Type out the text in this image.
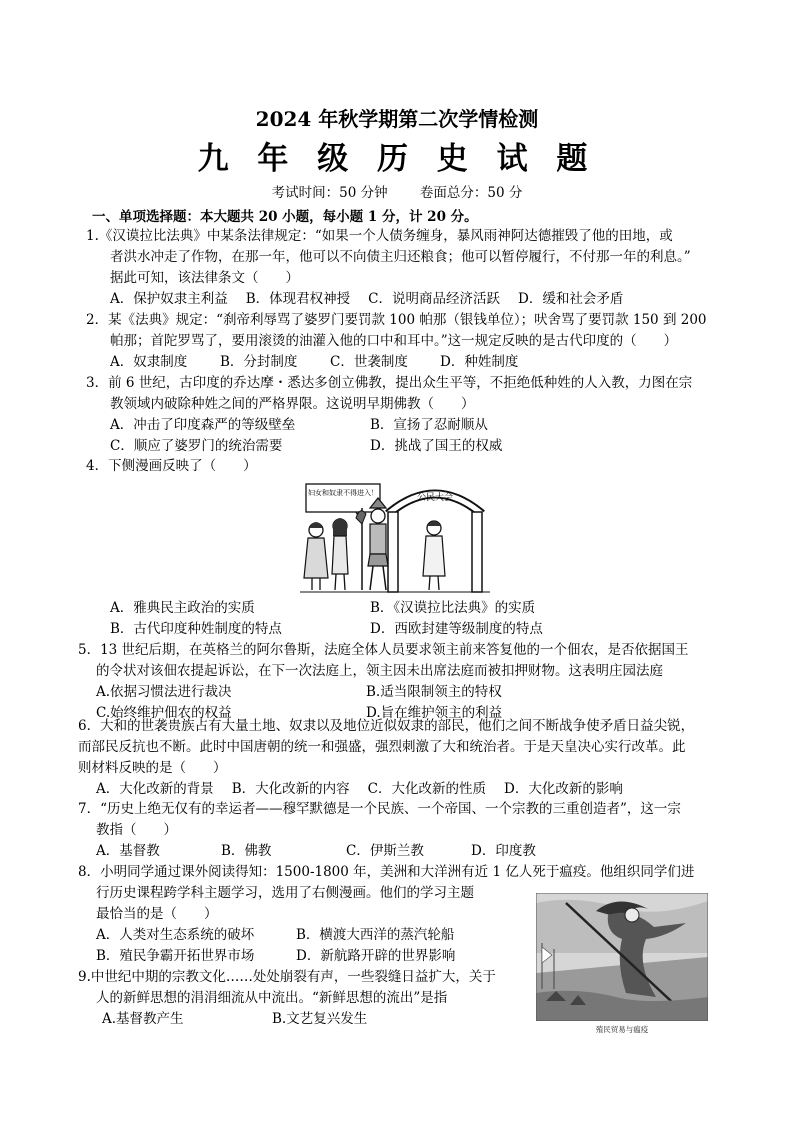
2024 年秋学期第二次学情检测
九 年 级 历 史 试 题
考试时间：50 分钟 卷面总分：50 分
一、单项选择题：本大题共 20 小题，每小题 1 分，计 20 分。

1.《汉谟拉比法典》中某条法律规定：“如果一个人债务缠身，暴风雨神阿达德摧毁了他的田地，或

者洪水冲走了作物，在那一年，他可以不向债主归还粮食；他可以暂停履行，不付那一年的利息。”

据此可知，该法律条文（　　）

A．保护奴隶主利益 B．体现君权神授 C．说明商品经济活跃 D．缓和社会矛盾

2．某《法典》规定：“刹帝利辱骂了婆罗门要罚款 100 帕那（银钱单位）；吠舍骂了要罚款 150 到 200

帕那；首陀罗骂了，要用滚烫的油灌入他的口中和耳中。”这一规定反映的是古代印度的（　　）

A．奴隶制度	B．分封制度	C．世袭制度	D．种姓制度

3．前 6 世纪，古印度的乔达摩・悉达多创立佛教，提出众生平等，不拒绝低种姓的人入教，力图在宗

教领域内破除种姓之间的严格界限。这说明早期佛教（　　）

A．冲击了印度森严的等级壁垒	B．宣扬了忍耐顺从
C．顺应了婆罗门的统治需要	D．挑战了国王的权威

4．下侧漫画反映了（　　）

公民大会
妇女和奴隶不得进入！
A．雅典民主政治的实质	B．《汉谟拉比法典》的实质
B．古代印度种姓制度的特点	D．西欧封建等级制度的特点

5．13 世纪后期，在英格兰的阿尔鲁斯，法庭全体人员要求领主前来答复他的一个佃农，是否依据国王

的令状对该佃农提起诉讼，在下一次法庭上，领主因未出席法庭而被扣押财物。这表明庄园法庭

A.依据习惯法进行裁决	B.适当限制领主的特权
C.始终维护佃农的权益	D.旨在维护领主的利益

6．大和的世袭贵族占有大量土地、奴隶以及地位近似奴隶的部民，他们之间不断战争使矛盾日益尖锐，

而部民反抗也不断。此时中国唐朝的统一和强盛，强烈刺激了大和统治者。于是天皇决心实行改革。此

则材料反映的是（　　）

A．大化改新的背景 B．大化改新的内容 C．大化改新的性质 D．大化改新的影响

7．“历史上绝无仅有的幸运者——穆罕默德是一个民族、一个帝国、一个宗教的三重创造者”，这一宗

教指（　　）

A．基督教	B．佛教	C．伊斯兰教	D．印度教

8．小明同学通过课外阅读得知：1500-1800 年，美洲和大洋洲有近 1 亿人死于瘟疫。他组织同学们进

行历史课程跨学科主题学习，选用了右侧漫画。他们的学习主题

最恰当的是（　　）

A．人类对生态系统的破坏	B．横渡大西洋的蒸汽轮船
B．殖民争霸开拓世界市场	D．新航路开辟的世界影响
殖民贸易与瘟疫

9.中世纪中期的宗教文化……处处崩裂有声，一些裂缝日益扩大，关于

人的新鲜思想的涓涓细流从中流出。“新鲜思想的流出”是指

A.基督教产生	B.文艺复兴发生
